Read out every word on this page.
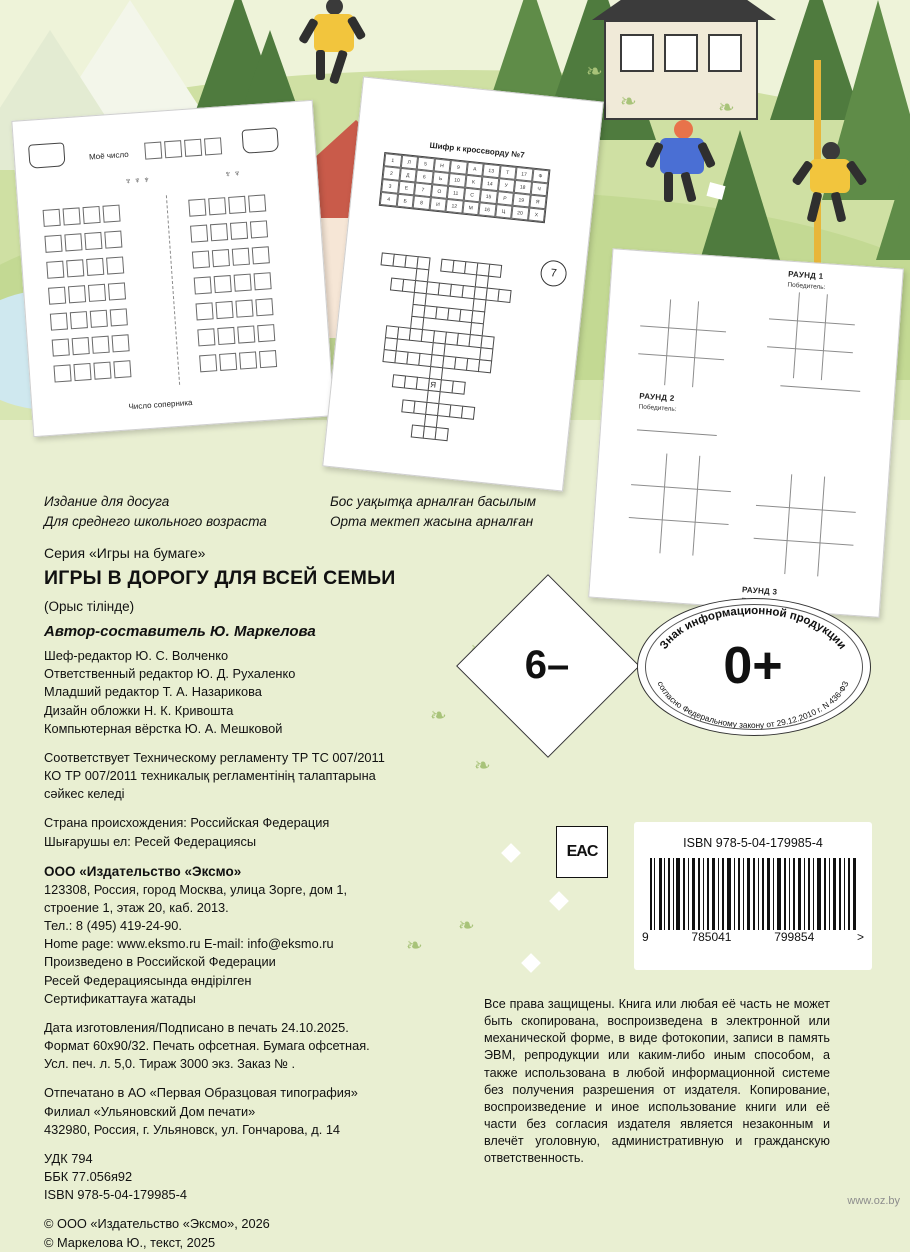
❧
❧	❧
❧
❧
❧
❧
Моё число
♆ ♆ ♆
♆ ♆
Число соперника
Шифр к кроссворду №7
1	Л	5	Н	9	А	13	Т	17	Ф
2	Д	6	Ь	10	К	14	У	18	Ч
3	Е	7	О	11	С	15	Р	19	Я
4	Б	8	И	12	М	16	Ц	20	Х
7
Я
РАУНД 1
Победитель:
РАУНД 2
Победитель:
РАУНД 3
Издание для досуга
Для среднего школьного возраста
Серия «Игры на бумаге»
ИГРЫ В ДОРОГУ ДЛЯ ВСЕЙ СЕМЬИ
(Орыс тілінде)
Автор-составитель Ю. Маркелова
Шеф-редактор Ю. С. Волченко
Ответственный редактор Ю. Д. Рухаленко
Младший редактор Т. А. Назарикова
Дизайн обложки Н. К. Кривошта
Компьютерная вёрстка Ю. А. Мешковой
Соответствует Техническому регламенту ТР ТС 007/2011
КО ТР 007/2011 техникалық регламентінің талаптарына
сәйкес келеді
Страна происхождения: Российская Федерация
Шығарушы ел: Ресей Федерациясы
ООО «Издательство «Эксмо»
123308, Россия, город Москва, улица Зорге, дом 1,
строение 1, этаж 20, каб. 2013.
Тел.: 8 (495) 419-24-90.
Home page: www.eksmo.ru E-mail: info@eksmo.ru
Произведено в Российской Федерации
Ресей Федерациясында өндірілген
Сертификаттауға жатады
Дата изготовления/Подписано в печать 24.10.2025.
Формат 60x90/32. Печать офсетная. Бумага офсетная.
Усл. печ. л. 5,0. Тираж 3000 экз. Заказ № .
Отпечатано в АО «Первая Образцовая типография»
Филиал «Ульяновский Дом печати»
432980, Россия, г. Ульяновск, ул. Гончарова, д. 14
УДК 794
ББК 77.056я92
ISBN 978-5-04-179985-4
© ООО «Издательство «Эксмо», 2026
© Маркелова Ю., текст, 2025
Бос уақытқа арналған басылым
Орта мектеп жасына арналған
6–	0+
Знак информационной продукции
согласно Федеральному закону от 29.12.2010 г. N 436-ФЗ
ЕAC	ISBN 978-5-04-179985-4
9	785041	799854	>
Все права защищены. Книга или любая её часть не может быть скопирована, воспроизведена в электронной или механической форме, в виде фотокопии, записи в память ЭВМ, репродукции или каким-либо иным способом, а также использована в любой информационной системе без получения разрешения от издателя. Копирование, воспроизведение и иное использование книги или её части без согласия издателя является незаконным и влечёт уголовную, административную и гражданскую ответственность.
www.oz.by
